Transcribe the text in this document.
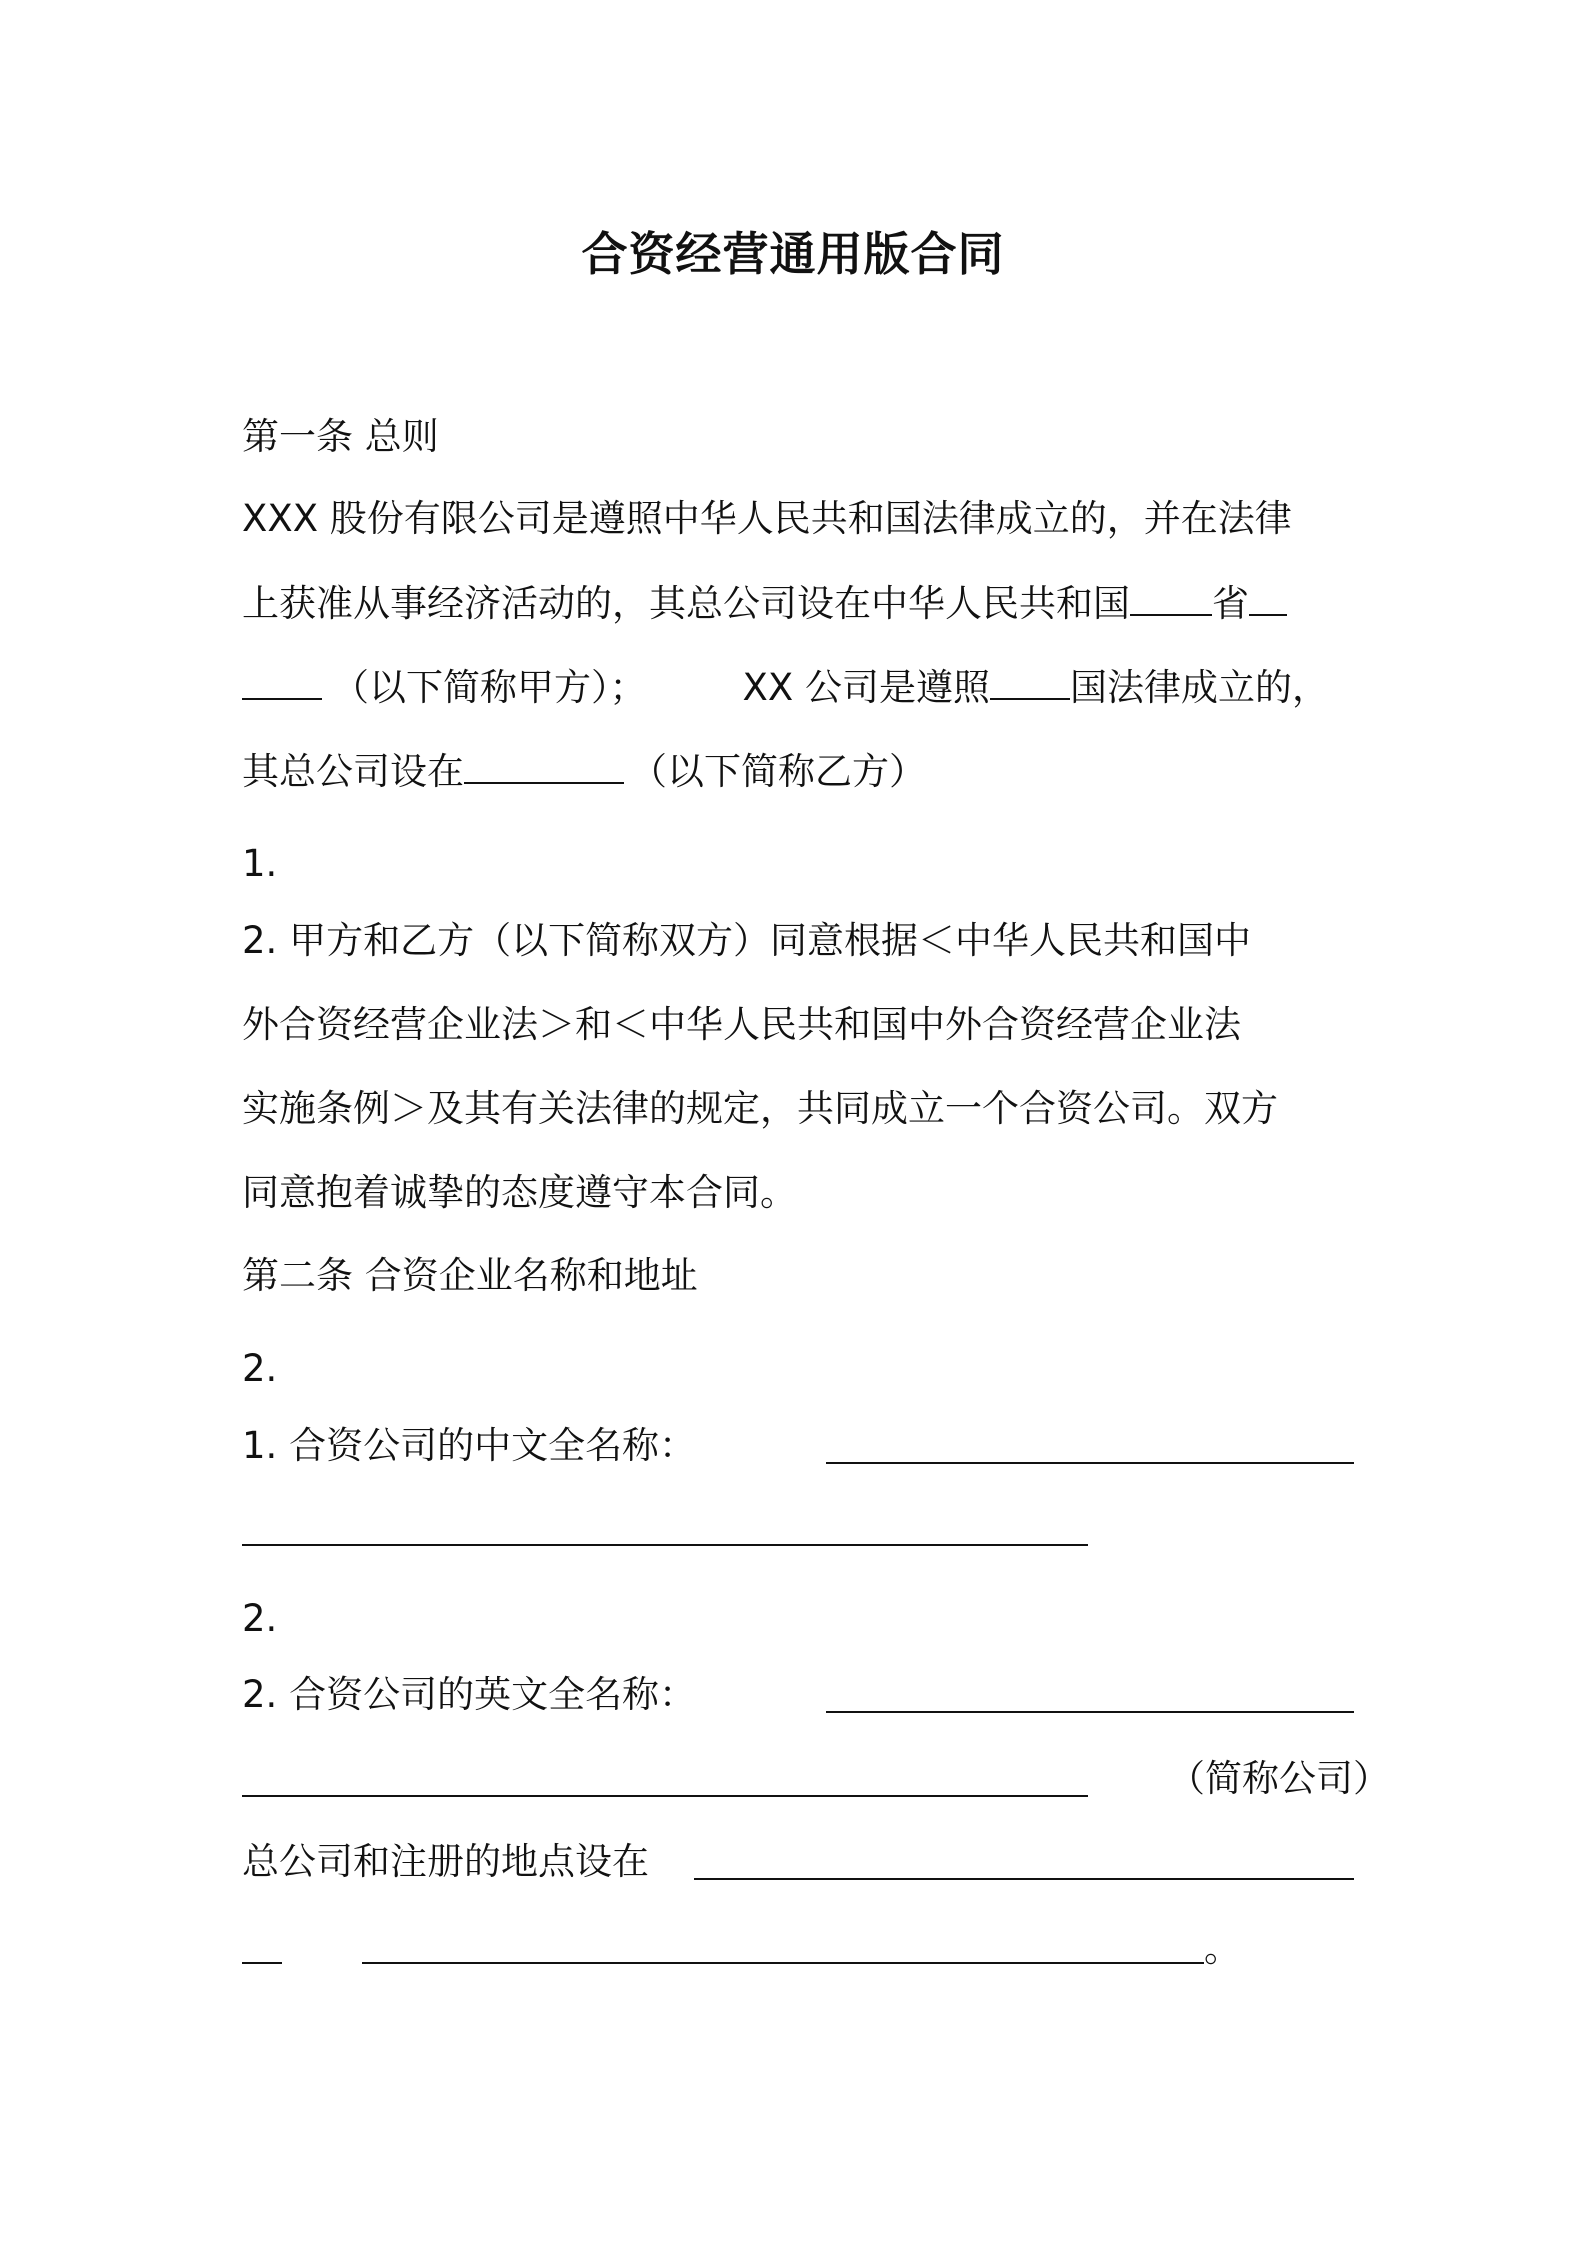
合资经营通用版合同
第一条 总则
XXX 股份有限公司是遵照中华人民共和国法律成立的，并在法律
上获准从事经济活动的，其总公司设在中华人民共和国 省
（以下简称甲方）；	XX 公司是遵照 国法律成立的，
其总公司设在	（以下简称乙方）
1.
2. 甲方和乙方（以下简称双方）同意根据＜中华人民共和国中
外合资经营企业法＞和＜中华人民共和国中外合资经营企业法
实施条例＞及其有关法律的规定，共同成立一个合资公司。双方
同意抱着诚挚的态度遵守本合同。
第二条 合资企业名称和地址
2.
1. 合资公司的中文全名称：
2.
2. 合资公司的英文全名称：
（简称公司）
总公司和注册的地点设在
。
